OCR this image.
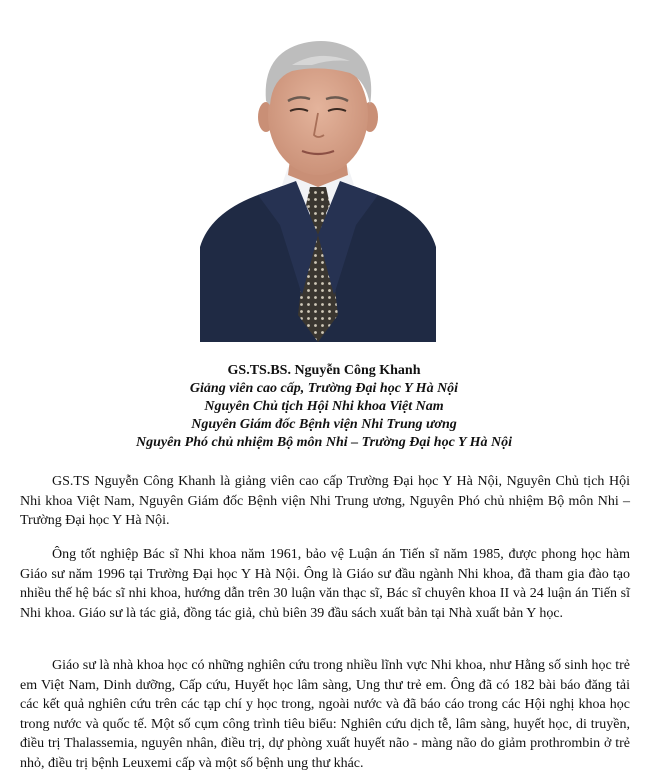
GS.TS.BS. Nguyễn Công Khanh
Giảng viên cao cấp, Trường Đại học Y Hà Nội
Nguyên Chủ tịch Hội Nhi khoa Việt Nam
Nguyên Giám đốc Bệnh viện Nhi Trung ương
Nguyên Phó chủ nhiệm Bộ môn Nhi – Trường Đại học Y Hà Nội

GS.TS Nguyễn Công Khanh là giảng viên cao cấp Trường Đại học Y Hà Nội, Nguyên Chủ tịch Hội Nhi khoa Việt Nam, Nguyên Giám đốc Bệnh viện Nhi Trung ương, Nguyên Phó chủ nhiệm Bộ môn Nhi – Trường Đại học Y Hà Nội.

Ông tốt nghiệp Bác sĩ Nhi khoa năm 1961, bảo vệ Luận án Tiến sĩ năm 1985, được phong học hàm Giáo sư năm 1996 tại Trường Đại học Y Hà Nội. Ông là Giáo sư đầu ngành Nhi khoa, đã tham gia đào tạo nhiều thế hệ bác sĩ nhi khoa, hướng dẫn trên 30 luận văn thạc sĩ, Bác sĩ chuyên khoa II và 24 luận án Tiến sĩ Nhi khoa. Giáo sư là tác giả, đồng tác giả, chủ biên 39 đầu sách xuất bản tại Nhà xuất bản Y học.

Giáo sư là nhà khoa học có những nghiên cứu trong nhiều lĩnh vực Nhi khoa, như Hằng số sinh học trẻ em Việt Nam, Dinh dưỡng, Cấp cứu, Huyết học lâm sàng, Ung thư trẻ em. Ông đã có 182 bài báo đăng tải các kết quả nghiên cứu trên các tạp chí y học trong, ngoài nước và đã báo cáo trong các Hội nghị khoa học trong nước và quốc tế. Một số cụm công trình tiêu biểu: Nghiên cứu dịch tễ, lâm sàng, huyết học, di truyền, điều trị Thalassemia, nguyên nhân, điều trị, dự phòng xuất huyết não - màng não do giảm prothrombin ở trẻ nhỏ, điều trị bệnh Leuxemi cấp và một số bệnh ung thư khác.
